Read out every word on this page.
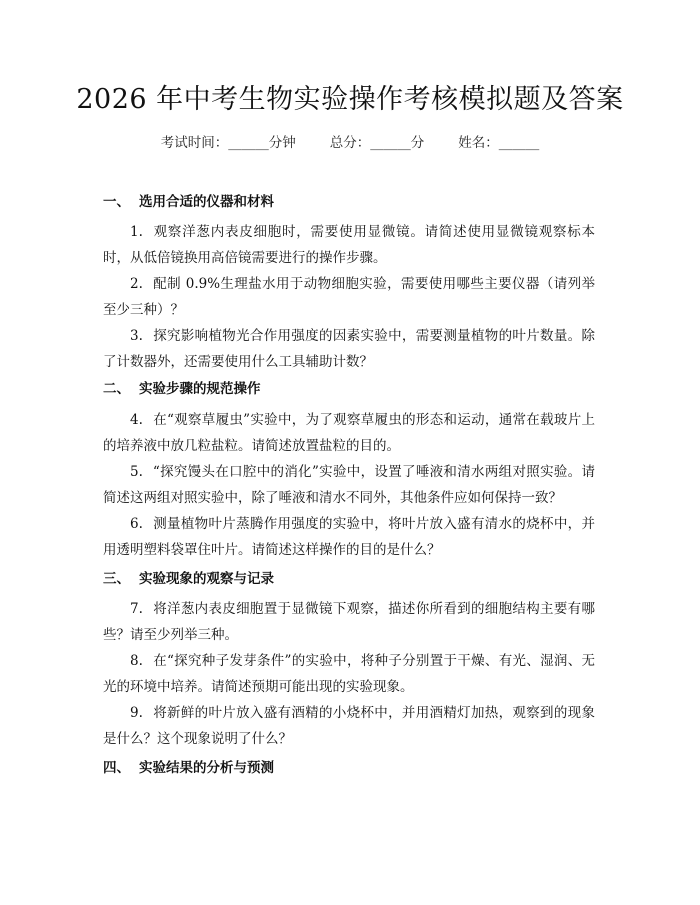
2026 年中考生物实验操作考核模拟题及答案
考试时间：______分钟	总分：______分	姓名：______
一、 选用合适的仪器和材料
1. 观察洋葱内表皮细胞时，需要使用显微镜。请简述使用显微镜观察标本时，从低倍镜换用高倍镜需要进行的操作步骤。
2. 配制 0.9%生理盐水用于动物细胞实验，需要使用哪些主要仪器（请列举至少三种）？
3. 探究影响植物光合作用强度的因素实验中，需要测量植物的叶片数量。除了计数器外，还需要使用什么工具辅助计数？
二、 实验步骤的规范操作
4. 在“观察草履虫”实验中，为了观察草履虫的形态和运动，通常在载玻片上的培养液中放几粒盐粒。请简述放置盐粒的目的。
5. “探究馒头在口腔中的消化”实验中，设置了唾液和清水两组对照实验。请简述这两组对照实验中，除了唾液和清水不同外，其他条件应如何保持一致？
6. 测量植物叶片蒸腾作用强度的实验中，将叶片放入盛有清水的烧杯中，并用透明塑料袋罩住叶片。请简述这样操作的目的是什么？
三、 实验现象的观察与记录
7. 将洋葱内表皮细胞置于显微镜下观察，描述你所看到的细胞结构主要有哪些？请至少列举三种。
8. 在“探究种子发芽条件”的实验中，将种子分别置于干燥、有光、湿润、无光的环境中培养。请简述预期可能出现的实验现象。
9. 将新鲜的叶片放入盛有酒精的小烧杯中，并用酒精灯加热，观察到的现象是什么？这个现象说明了什么？
四、 实验结果的分析与预测
